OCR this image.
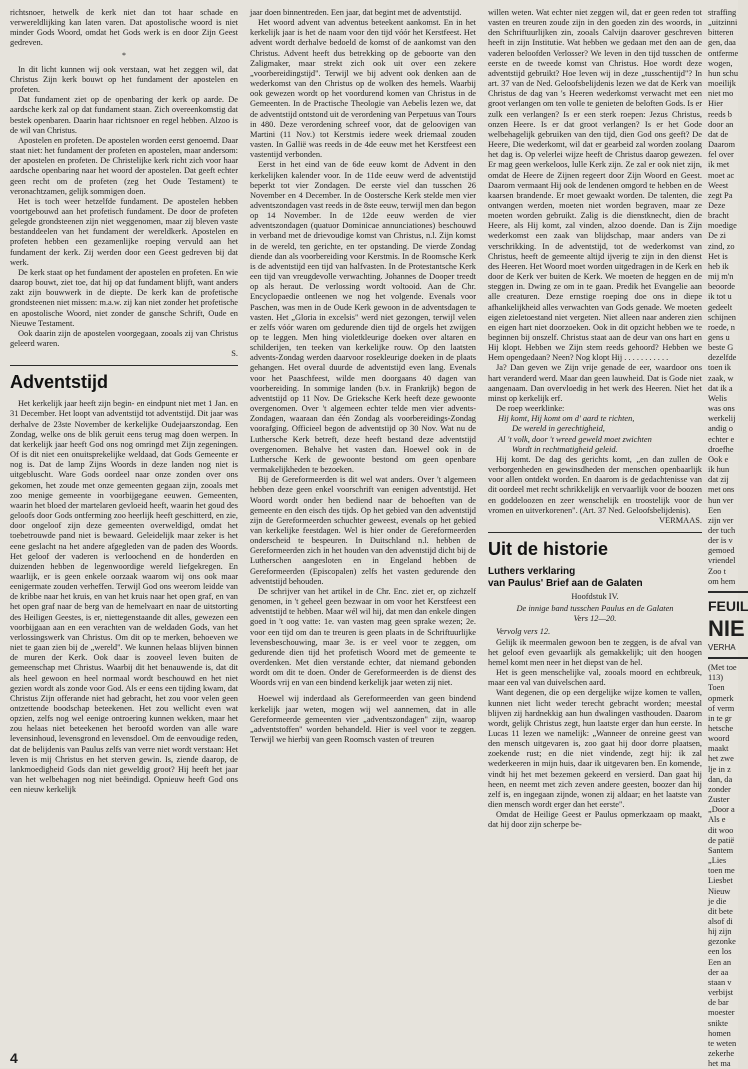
richtsnoer, hetwelk de kerk niet dan tot haar schade en verwereldlijking kan laten varen. Dat apostolische woord is niet minder Gods Woord, omdat het Gods werk is en door Zijn Geest gedreven.

*

In dit licht kunnen wij ook verstaan, wat het zeggen wil, dat Christus Zijn kerk bouwt op het fundament der apostelen en profeten.

Dat fundament ziet op de openbaring der kerk op aarde. De aardsche kerk zal op dat fundament staan. Zich overeenkomstig dat bestek openbaren. Daarin haar richtsnoer en regel hebben. Alzoo is de wil van Christus.

Apostelen en profeten. De apostelen worden eerst genoemd. Daar staat niet: het fundament der profeten en apostelen, maar andersom: der apostelen en profeten. De Christelijke kerk richt zich voor haar aardsche openbaring naar het woord der apostelen. Dat geeft echter geen recht om de profeten (zeg het Oude Testament) te veronachtzamen, gelijk sommigen doen.

Het is toch weer hetzelfde fundament. De apostelen hebben voortgebouwd aan het profetisch fundament. De door de profeten gelegde grondsteenen zijn niet weggenomen, maar zij bleven vaste bestanddeelen van het fundament der wereldkerk. Apostelen en profeten hebben een gezamenlijke roeping vervuld aan het fundament der kerk. Zij werden door een Geest gedreven bij dat werk.

De kerk staat op het fundament der apostelen en profeten. En wie daarop bouwt, ziet toe, dat hij op dat fundament blijft, want anders zakt zijn bouwwerk in de diepte. De kerk kan de profetische grondsteenen niet missen: m.a.w. zij kan niet zonder het profetische en apostolische Woord, niet zonder de gansche Schrift, Oude en Nieuwe Testament.

Ook daarin zijn de apostelen voorgegaan, zooals zij van Christus geleerd waren.

S.
Adventstijd

Het kerkelijk jaar heeft zijn begin- en eindpunt niet met 1 Jan. en 31 December. Het loopt van adventstijd tot adventstijd. Dit jaar was derhalve de 23ste November de kerkelijke Oudejaarszondag. Een Zondag, welke ons de blik geruit eens terug mag doen werpen. In dat kerkelijk jaar heeft God ons nog omringd met Zijn zegeningen. Of is dit niet een onuitsprekelijke weldaad, dat Gods Gemeente er nog is. Dat de lamp Zijns Woords in deze landen nog niet is uitgebluscht. Ware Gods oordeel naar onze zonden over ons gekomen, het zoude met onze gemeenten gegaan zijn, zooals met zoo menige gemeente in voorbijgegane eeuwen. Gemeenten, waarin het bloed der martelaren gevloeid heeft, waarin het goud des geloofs door Gods ontferming zoo heerlijk heeft geschitterd, en zie, door ongeloof zijn deze gemeenten overweldigd, omdat het toebetrouwde pand niet is bewaard. Geleidelijk maar zeker is het eene geslacht na het andere afgegleden van de paden des Woords. Het geloof der vaderen is verloochend en de honderden en duizenden hebben de legenwoordige wereld liefgekregen. En waarlijk, er is geen enkele oorzaak waarom wij ons ook maar eenigermate zouden verheffen. Terwijl God ons weerom leidde van de kribbe naar het kruis, en van het kruis naar het open graf, en van het open graf naar de berg van de hemelvaart en naar de uitstorting des Heiligen Geestes, is er, niettegenstaande dit alles, gewezen een voorbijgaan aan en een verachten van de weldaden Gods, van het verlossingswerk van Christus. Om dit op te merken, behoeven we niet te gaan zien bij de „wereld". We kunnen helaas blijven binnen de muren der Kerk. Ook daar is zooveel leven buiten de gemeenschap met Christus. Waarbij dit het benauwende is, dat dit als heel gewoon en heel normaal wordt beschouwd en het niet gezien wordt als zonde voor God. Als er eens een tijding kwam, dat Christus Zijn offerande niet had gebracht, het zou voor velen geen ontzettende boodschap beteekenen. Het zou wellicht even wat opzien, zelfs nog wel eenige ontroering kunnen wekken, maar het zou helaas niet beteekenen het beroofd worden van alle ware levensinhoud, levensgrond en levensdoel. Om de eenvoudige reden, dat de belijdenis van Paulus zelfs van verre niet wordt verstaan: Het leven is mij Christus en het sterven gewin. Is, ziende daarop, de lankmoedigheid Gods dan niet geweldig groot? Hij heeft het jaar van het welbehagen nog niet beëindigd. Opnieuw heeft God ons een nieuw kerkelijk

4

jaar doen binnentreden. Een jaar, dat begint met de adventstijd.

Het woord advent van adventus beteekent aankomst. En in het kerkelijk jaar is het de naam voor den tijd vóór het Kerstfeest. Het advent wordt derhalve bedoeld de komst of de aankomst van den Christus. Advent heeft dus betrekking op de geboorte van den Zaligmaker, maar strekt zich ook uit over een zekere „voorbereidingstijd". Terwijl we bij advent ook denken aan de wederkomst van den Christus op de wolken des hemels. Waarbij ook gewezen wordt op het voordurend komen van Christus in de Gemeenten. In de Practische Theologie van Aebelis lezen we, dat de adventstijd ontstond uit de verordening van Perpetuus van Tours in 480. Deze verordening schreef voor, dat de geloovigen van Martini (11 Nov.) tot Kerstmis iedere week driemaal zouden vasten. In Gallië was reeds in de 4de eeuw met het Kerstfeest een vastentijd verbonden.

Eerst in het eind van de 6de eeuw komt de Advent in den kerkelijken kalender voor. In de 11de eeuw werd de adventstijd beperkt tot vier Zondagen. De eerste viel dan tusschen 26 November en 4 December. In de Oostersche Kerk stelde men vier adventszondagen vast reeds in de 8ste eeuw, terwijl men dan begon op 14 November. In de 12de eeuw werden de vier adventszondagen (quatuor Dominicae annunciationes) beschouwd in verband met de drievoudige komst van Christus, n.l. Zijn komst in de wereld, ten gerichte, en ter opstanding. De vierde Zondag diende dan als voorbereiding voor Kerstmis. In de Roomsche Kerk is de adventstijd een tijd van halfvasten. In de Protestantsche Kerk een tijd van vreugdevolle verwachting. Johannes de Dooper treedt op als heraut. De verlossing wordt voltooid. Aan de Chr. Encyclopaedie ontleenen we nog het volgende. Evenals voor Paschen, was men in de Oude Kerk gewoon in de adventsdagen te vasten. Het „Gloria in excelsis" werd niet gezongen, terwijl velen er zelfs vóór waren om gedurende dien tijd de orgels het zwijgen op te leggen. Men hing violetkleurige doeken over altaren en schilderijen, ten teeken van kerkelijke rouw. Op den laatsten advents-Zondag werden daarvoor rosekleurige doeken in de plaats gehangen. Het overal duurde de adventstijd even lang. Evenals voor het Paaschfeest, wilde men doorgaans 40 dagen van voorbereiding. In sommige landen (b.v. in Frankrijk) begon de adventstijd op 11 Nov. De Grieksche Kerk heeft deze gewoonte overgenomen. Over 't algemeen echter telde men vier advents-Zondagen, waaraan dan één Zondag als voorbereidings-Zondag voorafging. Officieel begon de adventstijd op 30 Nov. Wat nu de Luthersche Kerk betreft, deze heeft bestand deze adventstijd overgenomen. Behalve het vasten dan. Hoewel ook in de Luthersche Kerk de gewoonte bestond om geen openbare vermakelijkheden te bezoeken.

Bij de Gereformeerden is dit wel wat anders. Over 't algemeen hebben deze geen enkel voorschrift van eenigen adventstijd. Het Woord wordt onder hen bediend naar de behoeften van de gemeente en den eisch des tijds. Op het gebied van den adventstijd zijn de Gereformeerden schuchter geweest, evenals op het gebied van kerkelijke feestdagen. Wel is hier onder de Gereformeerden onderscheid te bespeuren. In Duitschland n.l. hebben de Gereformeerden zich in het houden van den adventstijd dicht bij de Lutherschen aangesloten en in Engeland hebben de Gereformeerden (Episcopalen) zelfs het vasten gedurende den adventstijd behouden.

De schrijver van het artikel in de Chr. Enc. ziet er, op zichzelf genomen, in 't geheel geen bezwaar in om voor het Kerstfeest een adventstijd te hebben. Maar wél wil hij, dat men dan enkele dingen goed in 't oog vatte: 1e. van vasten mag geen sprake wezen; 2e. voor een tijd om dan te treuren is geen plaats in de Schriftuurlijke levensbeschouwing, maar 3e. is er veel voor te zeggen, om gedurende dien tijd het profetisch Woord met de gemeente te overdenken. Met dien verstande echter, dat niemand gebonden wordt om dit te doen. Onder de Gereformeerden is de dienst des Woords vrij en van een bindend kerkelijk jaar weten zij niet.

Hoewel wij inderdaad als Gereformeerden van geen bindend kerkelijk jaar weten, mogen wij wel aannemen, dat in alle Gereformeerde gemeenten vier „adventszondagen" zijn, waarop „adventstoffen" worden behandeld. Hier is veel voor te zeggen. Terwijl we hierbij van geen Roomsch vasten of treuren

willen weten. Wat echter niet zeggen wil, dat er geen reden tot vasten en treuren zoude zijn in den goeden zin des woords, in den Schriftuurlijken zin, zooals Calvijn daarover geschreven heeft in zijn Institutie. Wat hebben we gedaan met den aan de vaderen beloofden Verlosser? We leven in den tijd tusschen de eerste en de tweede komst van Christus. Hoe wordt deze adventstijd gebruikt? Hoe leven wij in deze „tusschentijd"? In art. 37 van de Ned. Geloofsbelijdenis lezen we dat de Kerk van Christus de dag van 's Heeren wederkomst verwacht met een groot verlangen om ten volle te genieten de beloften Gods. Is er zulk een verlangen? Is er een sterk roepen: Jezus Christus, onzen Heere. Is er dat groot verlangen? Is er het Gode welbehagelijk gebruiken van den tijd, dien God ons geeft? De Heere, Die wederkomt, wil dat er gearbeid zal worden zoolang het dag is. Op velerlei wijze heeft de Christus daarop gewezen. Er mag geen werkeloos, lulle Kerk zijn. Ze zal er ook niet zijn, omdat de Heere de Zijnen regeert door Zijn Woord en Geest. Daarom vermaant Hij ook de lendenen omgord te hebben en de kaarsen brandende. Er moet gewaakt worden. De talenten, die ontvangen werden, moeten niet worden begraven, maar ze moeten worden gebruikt. Zalig is die dienstknecht, dien de Heere, als Hij komt, zal vinden, alzoo doende. Dan is Zijn wederkomst een zaak van blijdschap, maar anders van verschrikking. In de adventstijd, tot de wederkomst van Christus, heeft de gemeente altijd ijverig te zijn in den dienst des Heeren. Het Woord moet worden uitgedragen in de Kerk en door de Kerk ver buiten de Kerk. We moeten de heggen en de steggen in. Dwing ze om in te gaan. Predik het Evangelie aan alle creaturen. Deze ernstige roeping doe ons in diepe afhankelijkheid alles verwachten van Gods genade. We moeten eigen zieletoestand niet vergeten. Niet alleen naar anderen zien en eigen hart niet doorzoeken. Ook in dit opzicht hebben we te beginnen bij onszelf. Christus staat aan de deur van ons hart en Hij klopt. Hebben we Zijn stem reeds gehoord? Hebben we Hem opengedaan? Neen? Nog klopt Hij . . . . . . . . . . .

Ja? Dan geven we Zijn vrije genade de eer, waardoor ons hart veranderd werd. Maar dan geen lauwheid. Dat is Gode niet aangenaam. Dan overvloedig in het werk des Heeren. Niet het minst op kerkelijk erf.

De roep weerklinke:

Hij komt, Hij komt om d' aard te richten,
De wereld in gerechtigheid,
Al 't volk, door 't wreed geweld moet zwichten
Wordt in rechtmatigheid geleid.

Hij komt. De dag des gerichts komt, „en dan zullen de verborgenheden en gewinsdheden der menschen openbaarlijk voor allen ontdekt worden. En daarom is de gedachtenisse van dit oordeel met recht schrikkelijk en vervaarlijk voor de boozen en goddeloozen en zeer wenschelijk en troostelijk voor de vromen en uitverkorenen". (Art. 37 Ned. Geloofsbelijdenis).

VERMAAS.
Uit de historie
Luthers verklaring
van Paulus' Brief aan de Galaten
Hoofdstuk IV.
De innige band tusschen Paulus en de Galaten
Vers 12—20.
Vervolg vers 12.

Gelijk ik meermalen gewoon ben te zeggen, is de afval van het geloof even gevaarlijk als gemakkelijk; uit den hoogen hemel komt men neer in het diepst van de hel.

Het is geen menschelijke val, zooals moord en echtbreuk, maar een val van duivelschen aard.

Want degenen, die op een dergelijke wijze komen te vallen, kunnen niet licht weder terecht gebracht worden; meestal blijven zij hardnekkig aan hun dwalingen vasthouden. Daarom wordt, gelijk Christus zegt, hun laatste erger dan hun eerste. In Lucas 11 lezen we namelijk: „Wanneer de onreine geest van den mensch uitgevaren is, zoo gaat hij door dorre plaatsen, zoekende rust; en die niet vindende, zegt hij: ik zal wederkeeren in mijn huis, daar ik uitgevaren ben. En komende, vindt hij het met bezemen gekeerd en versierd. Dan gaat hij heen, en neemt met zich zeven andere geesten, boozer dan hij zelf is, en ingegaan zijnde, wonen zij aldaar; en het laatste van dien mensch wordt erger dan het eerste".

Omdat de Heilige Geest er Paulus opmerkzaam op maakt, dat hij door zijn scherpe be-

straffing
„uitzinni
bitteren
gen, daa
ontferme
wogen,
hun schu
moeilijk
niet mo
Hier
reeds b
door an
dat de
Daarom
fel over
ik met
moet ac
Weest
zegt Pa
Deze
bracht
moedige
De zi
zind, zo
Het is
heb ik
mij m'n
beoorde
ik tot u
gedeelt
schijnen
roede, n
gens u
beste G
dezelfde
toen ik
zaak, w
dat ik a
Welis
was ons
werkelij
andig o
echter e
droefhe
Ook e
ik hun
dat zij
met ons
hun ver
Een
zijn ver
der tuch
der is v
gemoed
vriendel
Zoo t
om hem
FEUIL
NIE
VERHA
(Met toe
113)
Toen
opmerk
of verm
in te gr
hetsche
woord
maakt
het zwe
lje in z
dan, da
zonder
Zuster
„Door a
Als e
dit woo
de patiё
Santem
„Lies
toen me
Liesbet
Nieuw
je die
dit bete
alsof di
hij zijn
gezonke
een los
Een an
der aa
staan v
verbijst
de bar
moester
snikte
homen
te weten
zekerhe
het ma
